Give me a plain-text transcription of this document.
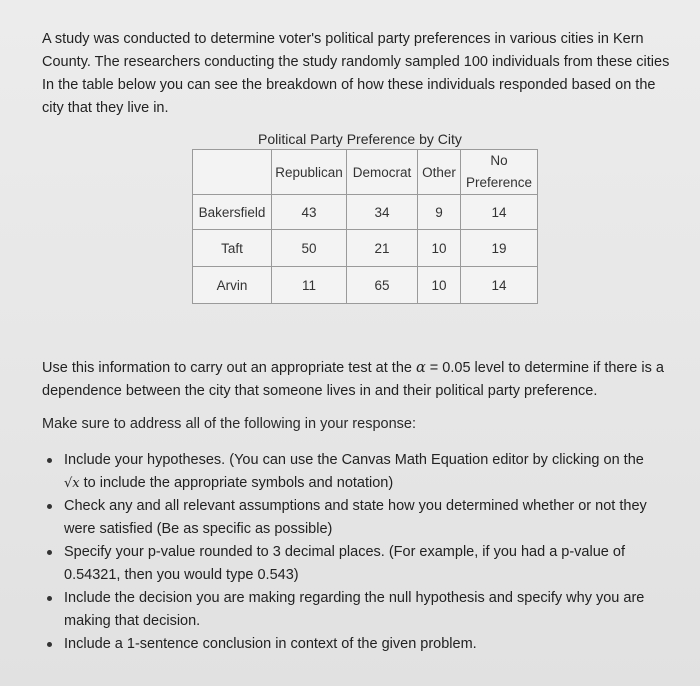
A study was conducted to determine voter's political party preferences in various cities in Kern County. The researchers conducting the study randomly sampled 100 individuals from these cities In the table below you can see the breakdown of how these individuals responded based on the city that they live in.
Political Party Preference by City
	Republican	Democrat	Other	No Preference
Bakersfield	43	34	9	14
Taft	50	21	10	19
Arvin	11	65	10	14
Use this information to carry out an appropriate test at the α = 0.05 level to determine if there is a dependence between the city that someone lives in and their political party preference.
Make sure to address all of the following in your response:
Include your hypotheses. (You can use the Canvas Math Equation editor by clicking on the
√x to include the appropriate symbols and notation)
Check any and all relevant assumptions and state how you determined whether or not they were satisfied (Be as specific as possible)
Specify your p-value rounded to 3 decimal places. (For example, if you had a p-value of 0.54321, then you would type 0.543)
Include the decision you are making regarding the null hypothesis and specify why you are making that decision.
Include a 1-sentence conclusion in context of the given problem.
